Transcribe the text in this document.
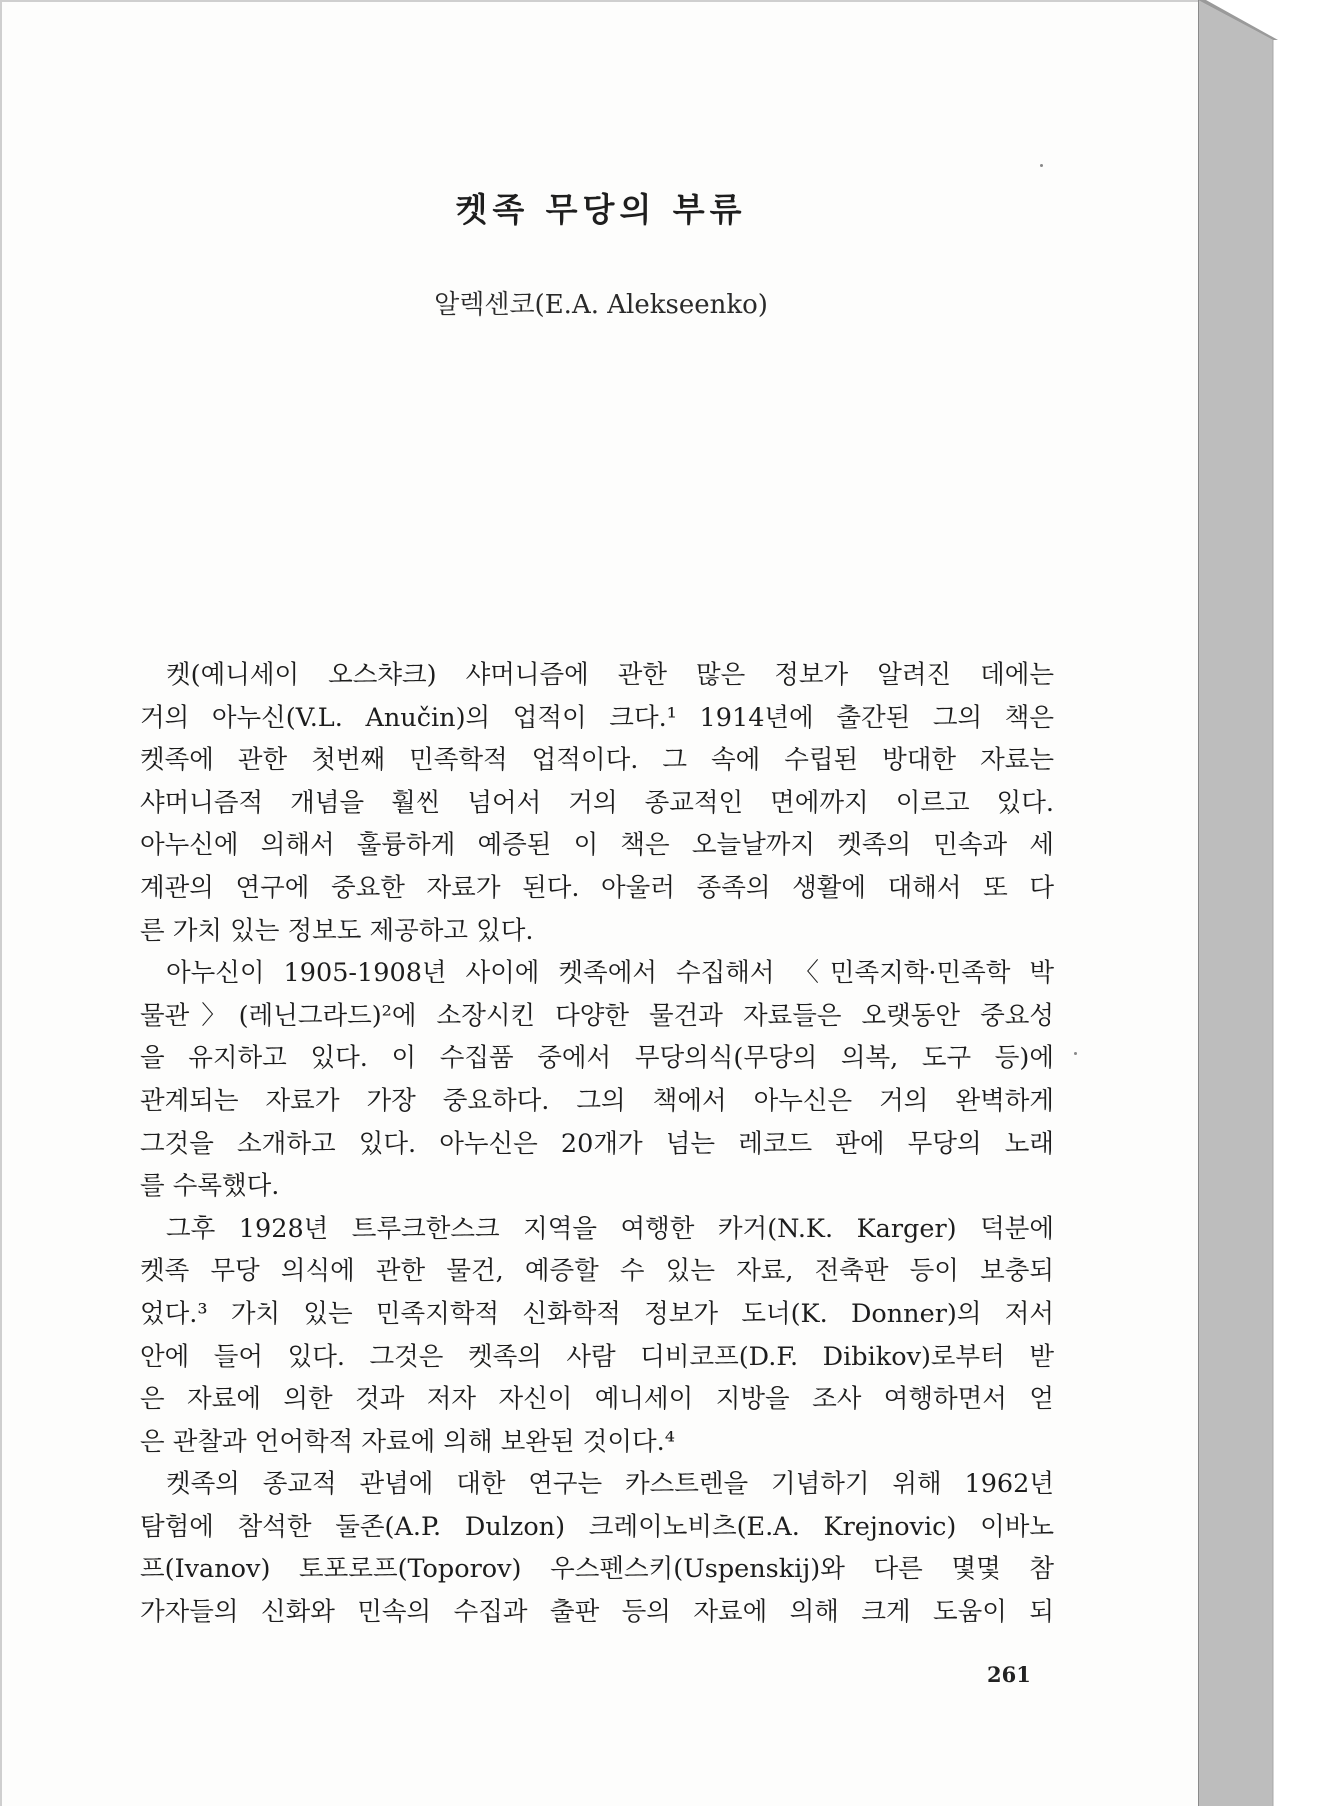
켓족 무당의 부류
알렉센코(E.A. Alekseenko)
켓(예니세이 오스챠크) 샤머니즘에 관한 많은 정보가 알려진 데에는
거의 아누신(V.L. Anučin)의 업적이 크다.¹ 1914년에 출간된 그의 책은
켓족에 관한 첫번째 민족학적 업적이다. 그 속에 수립된 방대한 자료는
샤머니즘적 개념을 훨씬 넘어서 거의 종교적인 면에까지 이르고 있다.
아누신에 의해서 훌륭하게 예증된 이 책은 오늘날까지 켓족의 민속과 세
계관의 연구에 중요한 자료가 된다. 아울러 종족의 생활에 대해서 또 다
른 가치 있는 정보도 제공하고 있다.
아누신이 1905-1908년 사이에 켓족에서 수집해서 〈민족지학·민족학 박
물관〉(레닌그라드)²에 소장시킨 다양한 물건과 자료들은 오랫동안 중요성
을 유지하고 있다. 이 수집품 중에서 무당의식(무당의 의복, 도구 등)에
관계되는 자료가 가장 중요하다. 그의 책에서 아누신은 거의 완벽하게
그것을 소개하고 있다. 아누신은 20개가 넘는 레코드 판에 무당의 노래
를 수록했다.
그후 1928년 트루크한스크 지역을 여행한 카거(N.K. Karger) 덕분에
켓족 무당 의식에 관한 물건, 예증할 수 있는 자료, 전축판 등이 보충되
었다.³ 가치 있는 민족지학적 신화학적 정보가 도너(K. Donner)의 저서
안에 들어 있다. 그것은 켓족의 사람 디비코프(D.F. Dibikov)로부터 받
은 자료에 의한 것과 저자 자신이 예니세이 지방을 조사 여행하면서 얻
은 관찰과 언어학적 자료에 의해 보완된 것이다.⁴
켓족의 종교적 관념에 대한 연구는 카스트렌을 기념하기 위해 1962년
탐험에 참석한 둘존(A.P. Dulzon) 크레이노비츠(E.A. Krejnovic) 이바노
프(Ivanov) 토포로프(Toporov) 우스펜스키(Uspenskij)와 다른 몇몇 참
가자들의 신화와 민속의 수집과 출판 등의 자료에 의해 크게 도움이 되
261
